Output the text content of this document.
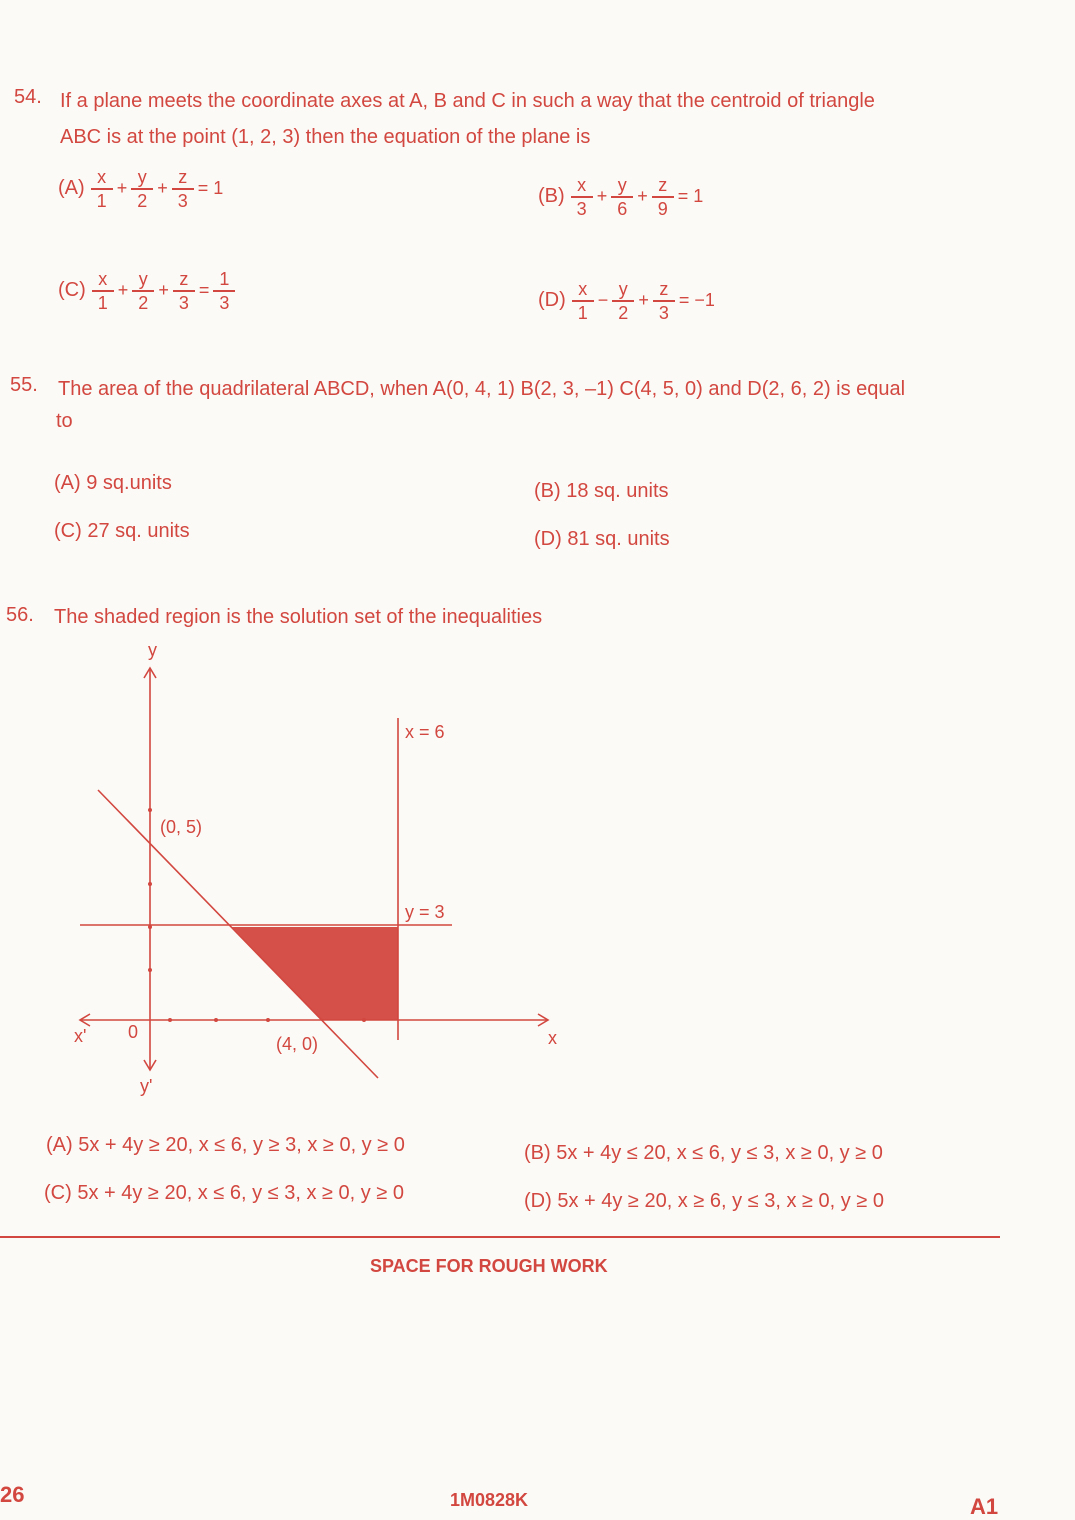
54. If a plane meets the coordinate axes at A, B and C in such a way that the centroid of triangle
ABC is at the point (1, 2, 3) then the equation of the plane is
$(A) \frac{x}{1} + \frac{y}{2} + \frac{z}{3} = 1$	$(B) \frac{x}{3} + \frac{y}{6} + \frac{z}{9} = 1$
$(C) \frac{x}{1} + \frac{y}{2} + \frac{z}{3} = \frac{1}{3}$	$(D) \frac{x}{1} - \frac{y}{2} + \frac{z}{3} = -1$
55. The area of the quadrilateral ABCD, when A(0, 4, 1) B(2, 3, –1) C(4, 5, 0) and D(2, 6, 2) is equal
to
(A) 9 sq.units	(B) 18 sq. units
(C) 27 sq. units	(D) 81 sq. units
56. The shaded region is the solution set of the inequalities
y
y'
x
x' 0
x = 6
y = 3
(0, 5)
(4, 0)
(A) 5x + 4y ≥ 20, x ≤ 6, y ≥ 3, x ≥ 0, y ≥ 0	(B) 5x + 4y ≤ 20, x ≤ 6, y ≤ 3, x ≥ 0, y ≥ 0
(C) 5x + 4y ≥ 20, x ≤ 6, y ≤ 3, x ≥ 0, y ≥ 0	(D) 5x + 4y ≥ 20, x ≥ 6, y ≤ 3, x ≥ 0, y ≥ 0
SPACE FOR ROUGH WORK
26	1M0828K	A1
